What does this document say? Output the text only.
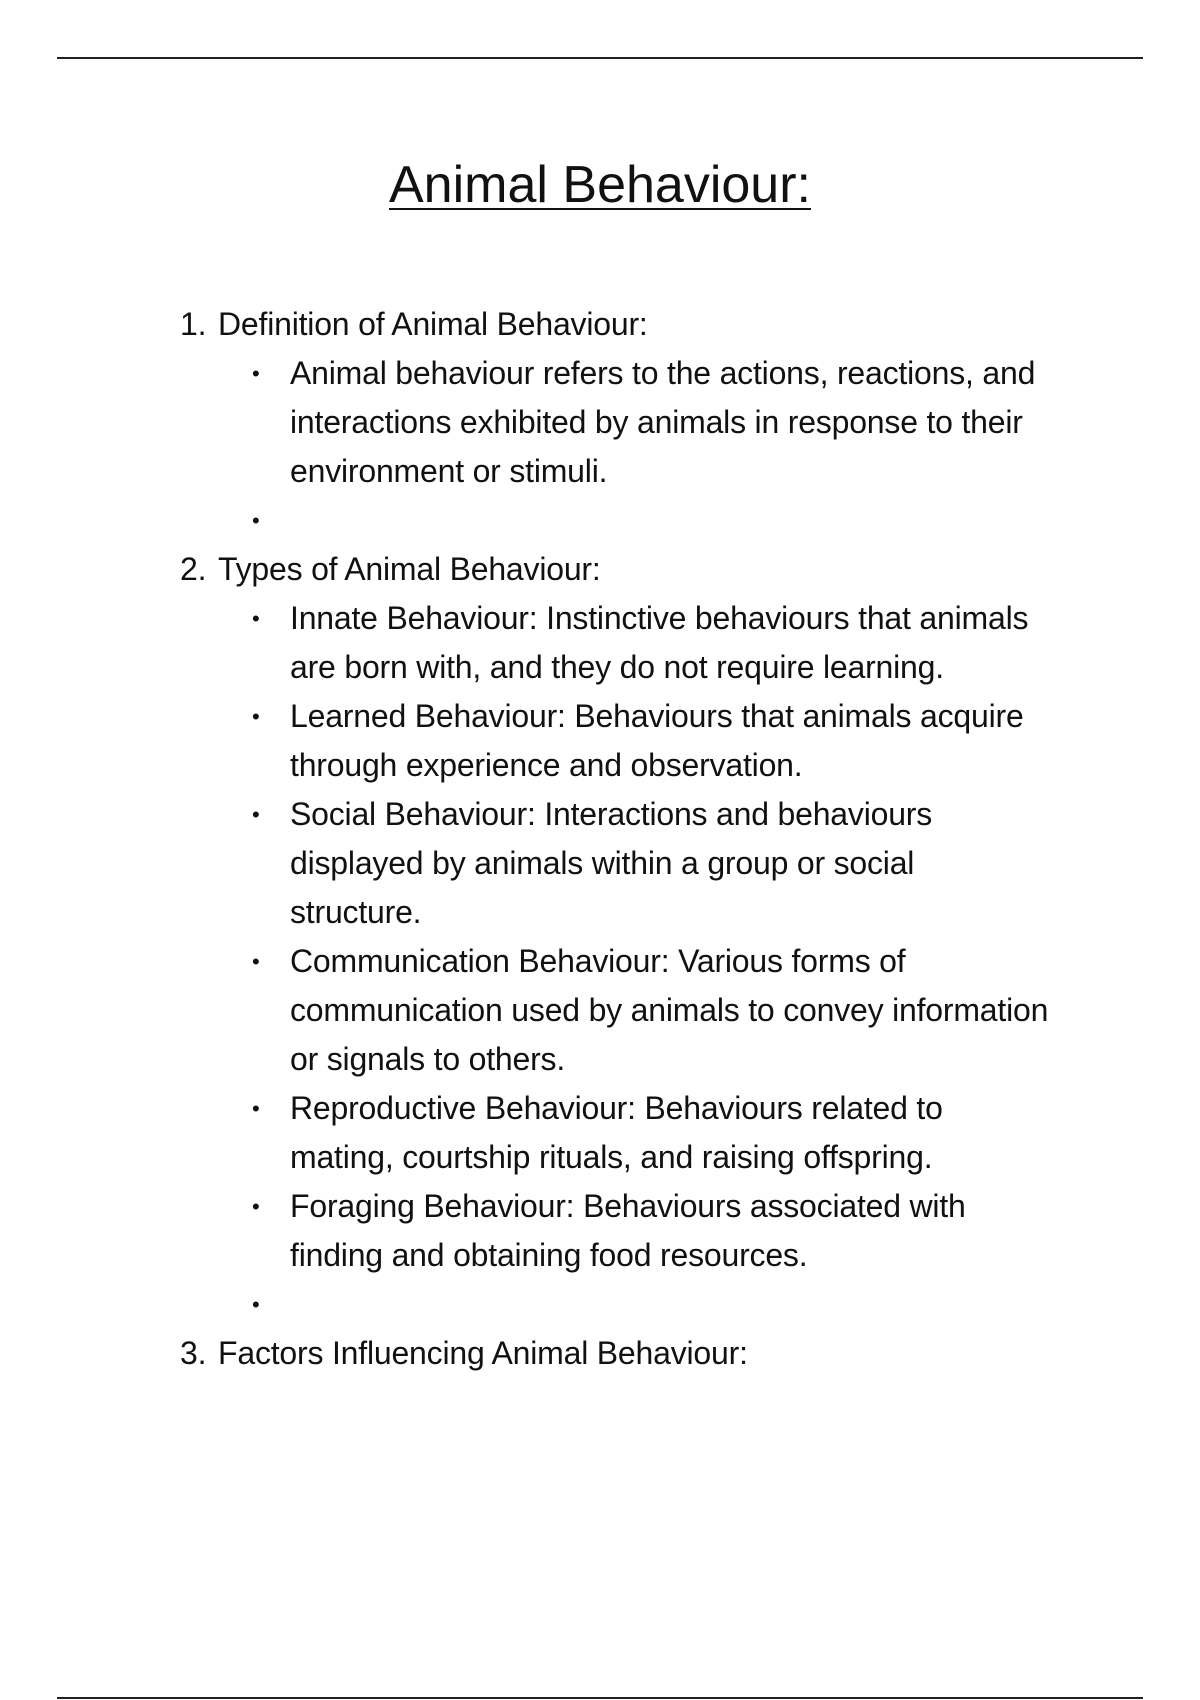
Animal Behaviour:
1. Definition of Animal Behaviour:
• Animal behaviour refers to the actions, reactions, and interactions exhibited by animals in response to their environment or stimuli.
•
2. Types of Animal Behaviour:
• Innate Behaviour: Instinctive behaviours that animals are born with, and they do not require learning.
• Learned Behaviour: Behaviours that animals acquire through experience and observation.
• Social Behaviour: Interactions and behaviours displayed by animals within a group or social structure.
• Communication Behaviour: Various forms of communication used by animals to convey information or signals to others.
• Reproductive Behaviour: Behaviours related to mating, courtship rituals, and raising offspring.
• Foraging Behaviour: Behaviours associated with finding and obtaining food resources.
•
3. Factors Influencing Animal Behaviour:
